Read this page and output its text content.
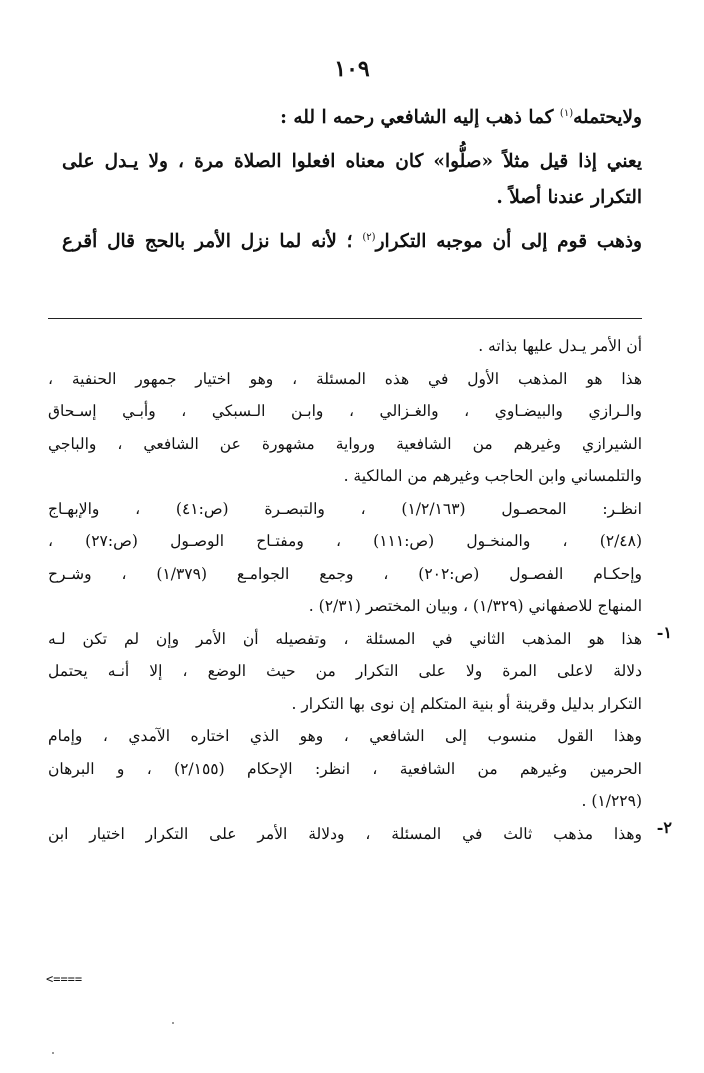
١٠٩

ولايحتمله$^{(١)}$ كما ذهب إليه الشافعي رحمه ا لله :

يعني إذا قيل مثلاً «صلُّوا» كان معناه افعلوا الصلاة مرة ، ولا يـدل على

التكرار عندنا أصلاً .

وذهب قوم إلى أن موجبه التكرار$^{(٢)}$ ؛ لأنه لما نزل الأمر بالحج قال أقرع

أن الأمر يـدل عليها بذاته .

هذا هو المذهب الأول في هذه المسئلة ، وهو اختيار جمهور الحنفية ،

والـرازي والبيضـاوي ، والغـزالي ، وابـن الـسبكي ، وأبـي إسـحاق

الشيرازي وغيرهم من الشافعية ورواية مشهورة عن الشافعي ، والباجي

والتلمساني وابن الحاجب وغيرهم من المالكية .

انظـر: المحصـول (١/٢/١٦٣) ، والتبصـرة (ص:٤١) ، والإبهـاج

(٢/٤٨) ، والمنخـول (ص:١١١) ، ومفتـاح الوصـول (ص:٢٧) ،

وإحكـام الفصـول (ص:٢٠٢) ، وجمع الجوامـع (١/٣٧٩) ، وشـرح

المنهاج للاصفهاني (١/٣٢٩) ، وبيان المختصر (٢/٣١) .

١-

هذا هو المذهب الثاني في المسئلة ، وتفصيله أن الأمر وإن لم تكن لـه

دلالة لاعلى المرة ولا على التكرار من حيث الوضع ، إلا أنـه يحتمل

التكرار بدليل وقرينة أو بنية المتكلم إن نوى بها التكرار .

وهذا القول منسوب إلى الشافعي ، وهو الذي اختاره الآمدي ، وإمام

الحرمين وغيرهم من الشافعية ، انظر: الإحكام (٢/١٥٥) ، و البرهان

(١/٢٢٩) .

٢-

وهذا مذهب ثالث في المسئلة ، ودلالة الأمر على التكرار اختيار ابن

<====
